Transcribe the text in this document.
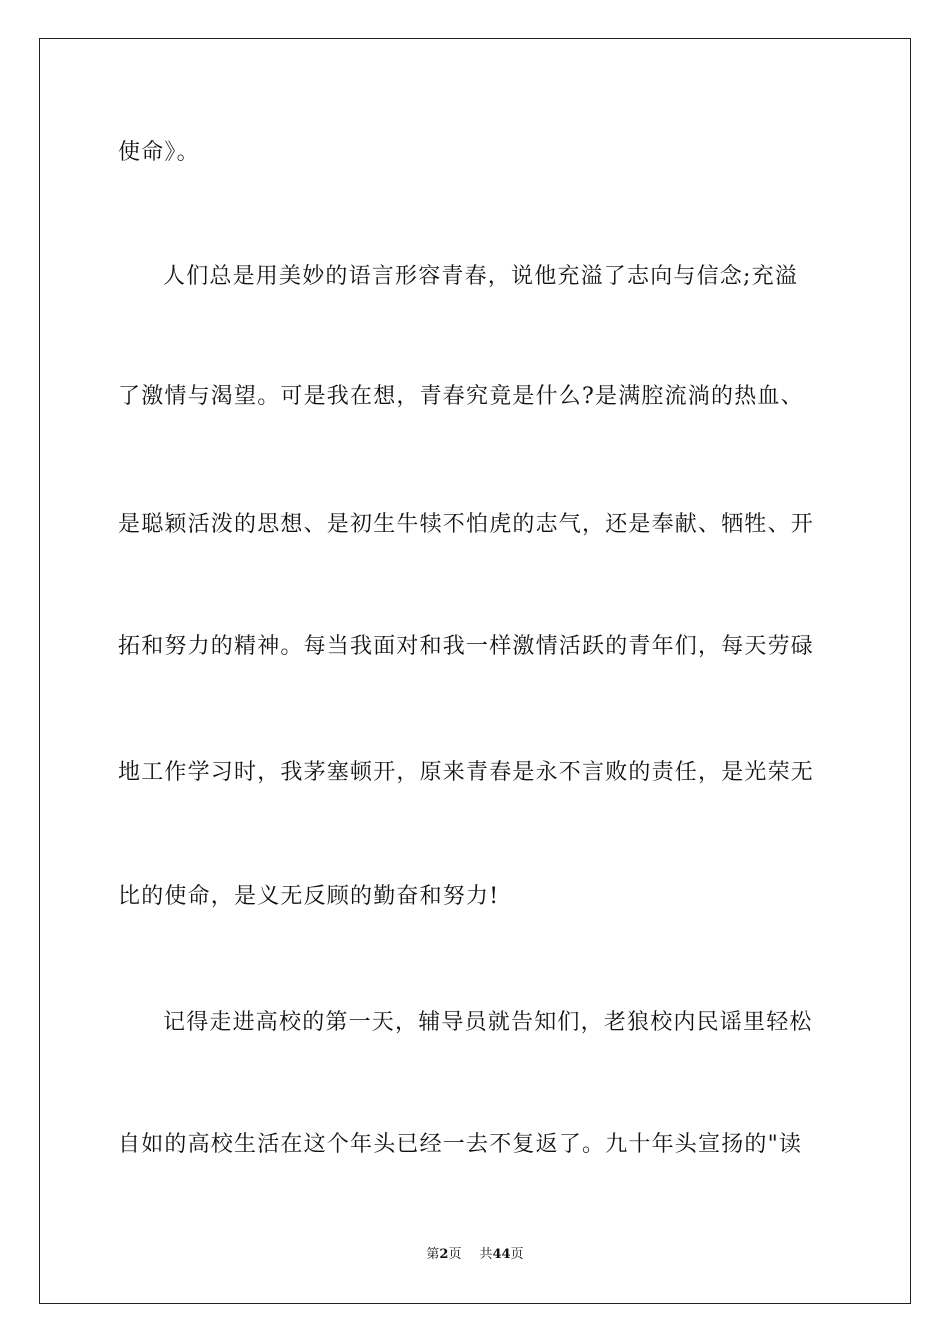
使命》。
人们总是用美妙的语言形容青春，说他充溢了志向与信念;充溢
了激情与渴望。可是我在想，青春究竟是什么?是满腔流淌的热血、
是聪颖活泼的思想、是初生牛犊不怕虎的志气，还是奉献、牺牲、开
拓和努力的精神。每当我面对和我一样激情活跃的青年们，每天劳碌
地工作学习时，我茅塞顿开，原来青春是永不言败的责任，是光荣无
比的使命，是义无反顾的勤奋和努力!
记得走进高校的第一天，辅导员就告知们，老狼校内民谣里轻松
自如的高校生活在这个年头已经一去不复返了。九十年头宣扬的"读
第2页 共44页
